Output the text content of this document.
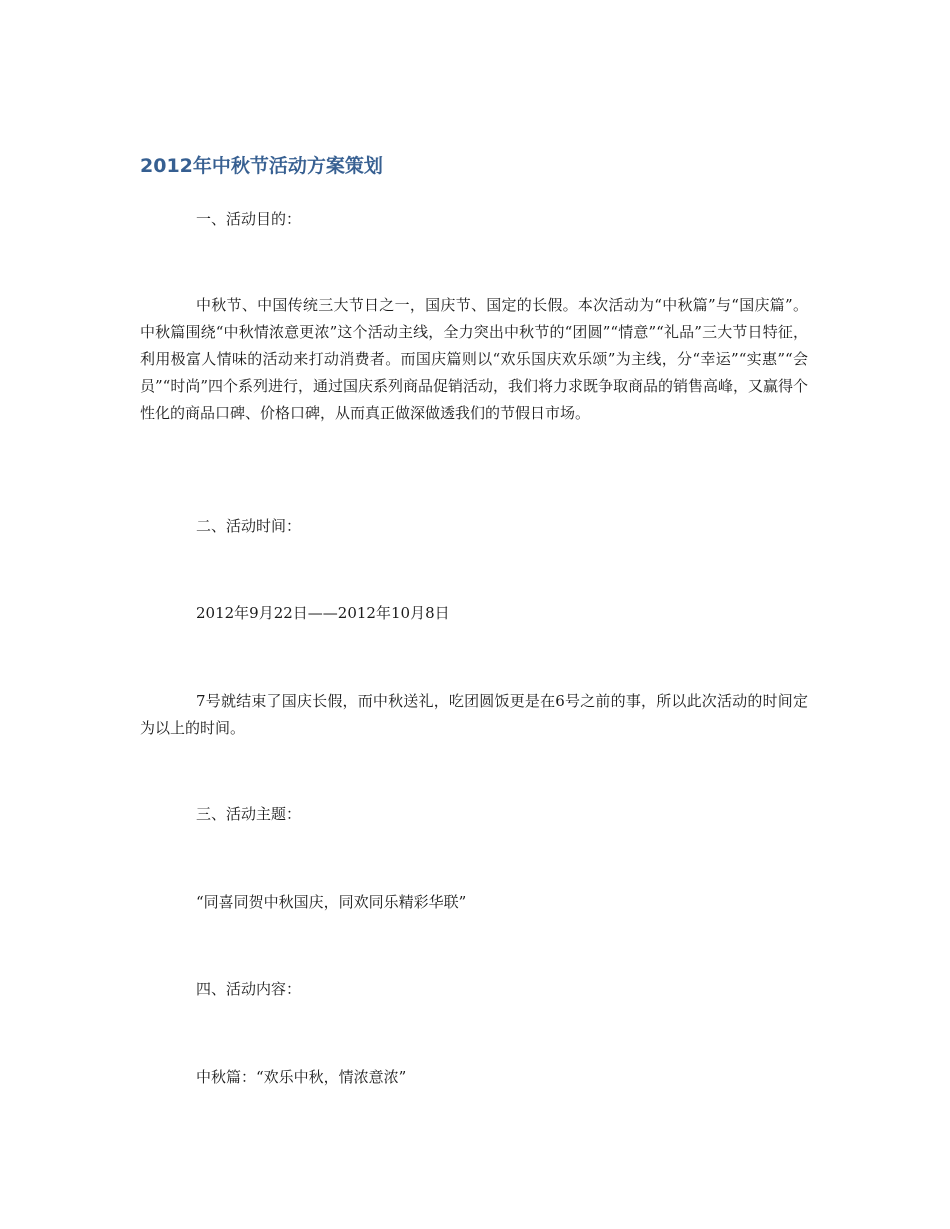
2012年中秋节活动方案策划

一、活动目的：

中秋节、中国传统三大节日之一，国庆节、国定的长假。本次活动为“中秋篇”与“国庆篇”。中秋篇围绕“中秋情浓意更浓”这个活动主线，全力突出中秋节的“团圆”“情意”“礼品”三大节日特征，利用极富人情味的活动来打动消费者。而国庆篇则以“欢乐国庆欢乐颂”为主线，分“幸运”“实惠”“会员”“时尚”四个系列进行，通过国庆系列商品促销活动，我们将力求既争取商品的销售高峰，又赢得个性化的商品口碑、价格口碑，从而真正做深做透我们的节假日市场。

二、活动时间：

2012年9月22日——2012年10月8日

7号就结束了国庆长假，而中秋送礼，吃团圆饭更是在6号之前的事，所以此次活动的时间定为以上的时间。

三、活动主题：

“同喜同贺中秋国庆，同欢同乐精彩华联”

四、活动内容：

中秋篇：“欢乐中秋，情浓意浓”
